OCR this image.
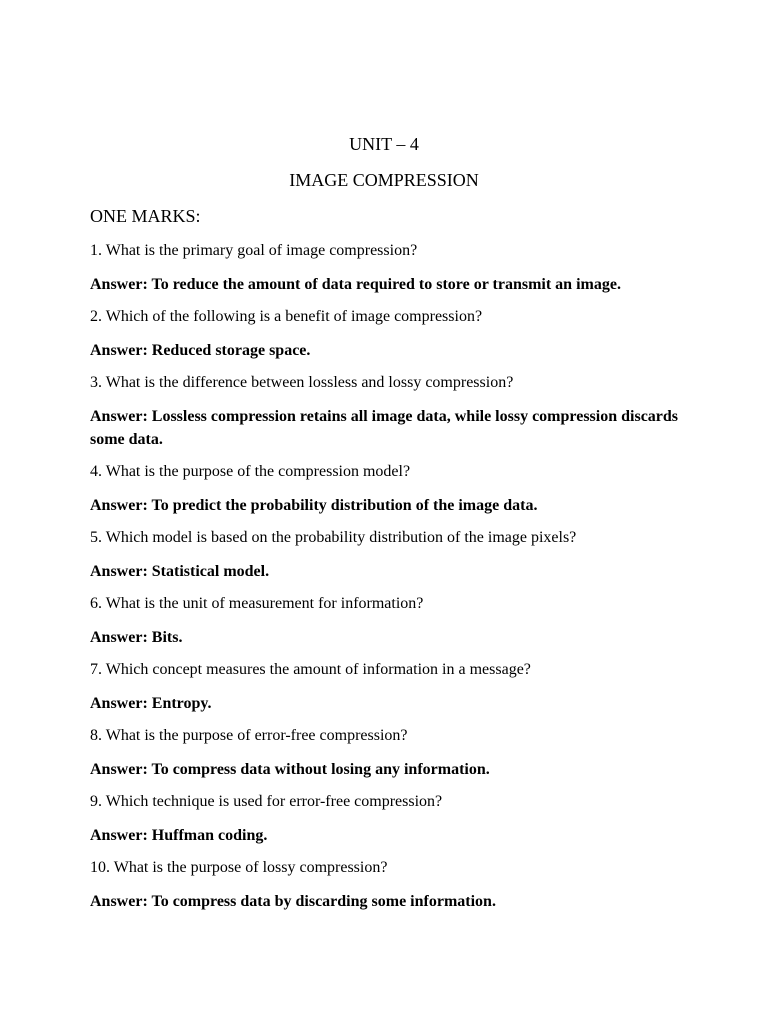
UNIT – 4
IMAGE COMPRESSION
ONE MARKS:
1. What is the primary goal of image compression?
Answer: To reduce the amount of data required to store or transmit an image.
2. Which of the following is a benefit of image compression?
Answer: Reduced storage space.
3. What is the difference between lossless and lossy compression?
Answer: Lossless compression retains all image data, while lossy compression discards some data.
4. What is the purpose of the compression model?
Answer: To predict the probability distribution of the image data.
5. Which model is based on the probability distribution of the image pixels?
Answer: Statistical model.
6. What is the unit of measurement for information?
Answer: Bits.
7. Which concept measures the amount of information in a message?
Answer: Entropy.
8. What is the purpose of error-free compression?
Answer: To compress data without losing any information.
9. Which technique is used for error-free compression?
Answer: Huffman coding.
10. What is the purpose of lossy compression?
Answer: To compress data by discarding some information.
